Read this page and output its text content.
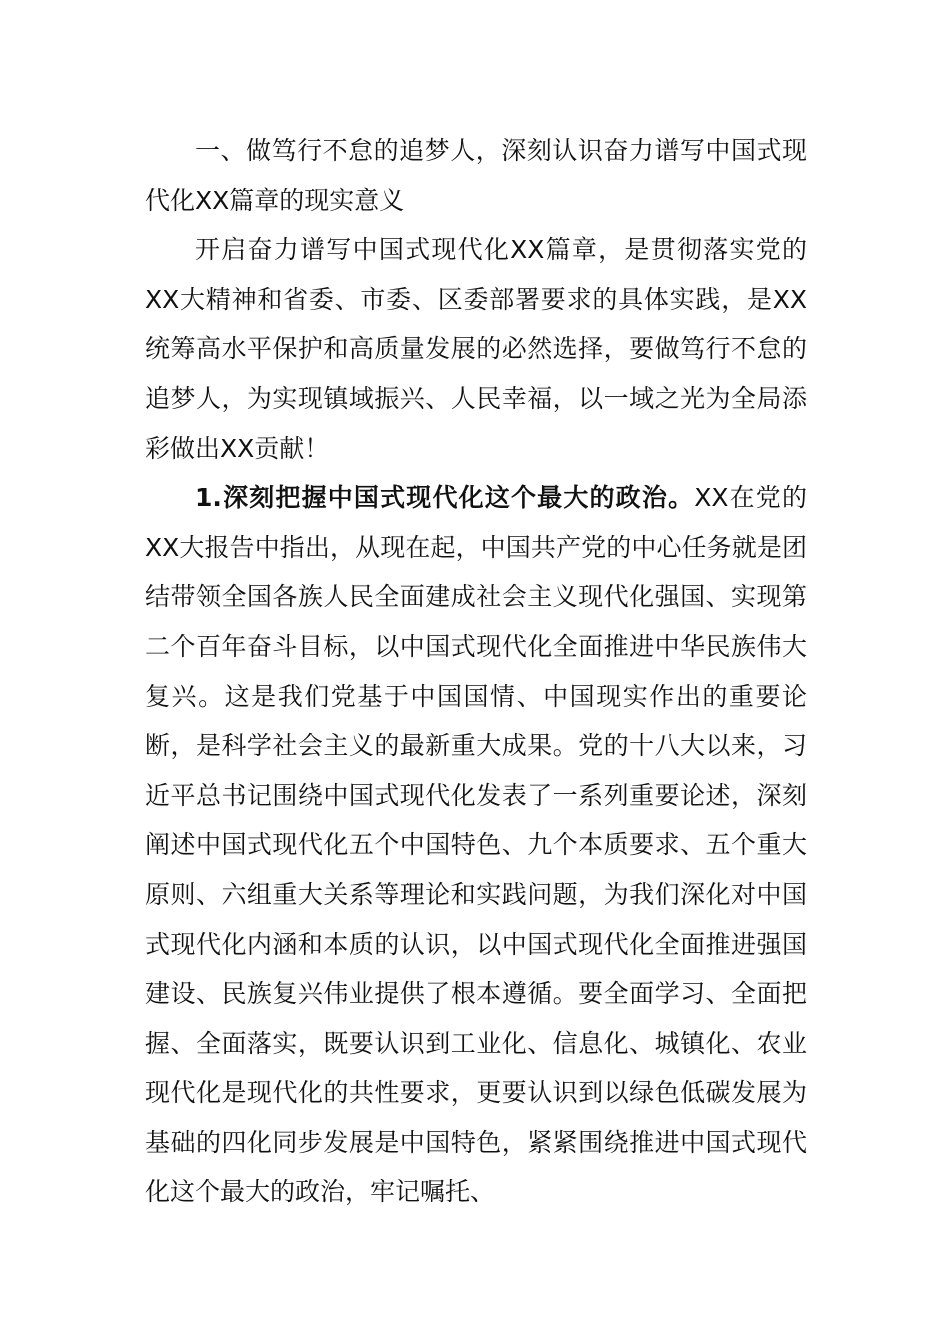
一、做笃行不怠的追梦人，深刻认识奋力谱写中国式现代化XX篇章的现实意义

开启奋力谱写中国式现代化XX篇章，是贯彻落实党的XX大精神和省委、市委、区委部署要求的具体实践，是XX统筹高水平保护和高质量发展的必然选择，要做笃行不怠的追梦人，为实现镇域振兴、人民幸福，以一域之光为全局添彩做出XX贡献！

1.深刻把握中国式现代化这个最大的政治。XX在党的XX大报告中指出，从现在起，中国共产党的中心任务就是团结带领全国各族人民全面建成社会主义现代化强国、实现第二个百年奋斗目标，以中国式现代化全面推进中华民族伟大复兴。这是我们党基于中国国情、中国现实作出的重要论断，是科学社会主义的最新重大成果。党的十八大以来，习近平总书记围绕中国式现代化发表了一系列重要论述，深刻阐述中国式现代化五个中国特色、九个本质要求、五个重大原则、六组重大关系等理论和实践问题，为我们深化对中国式现代化内涵和本质的认识，以中国式现代化全面推进强国建设、民族复兴伟业提供了根本遵循。要全面学习、全面把握、全面落实，既要认识到工业化、信息化、城镇化、农业现代化是现代化的共性要求，更要认识到以绿色低碳发展为基础的四化同步发展是中国特色，紧紧围绕推进中国式现代化这个最大的政治，牢记嘱托、
